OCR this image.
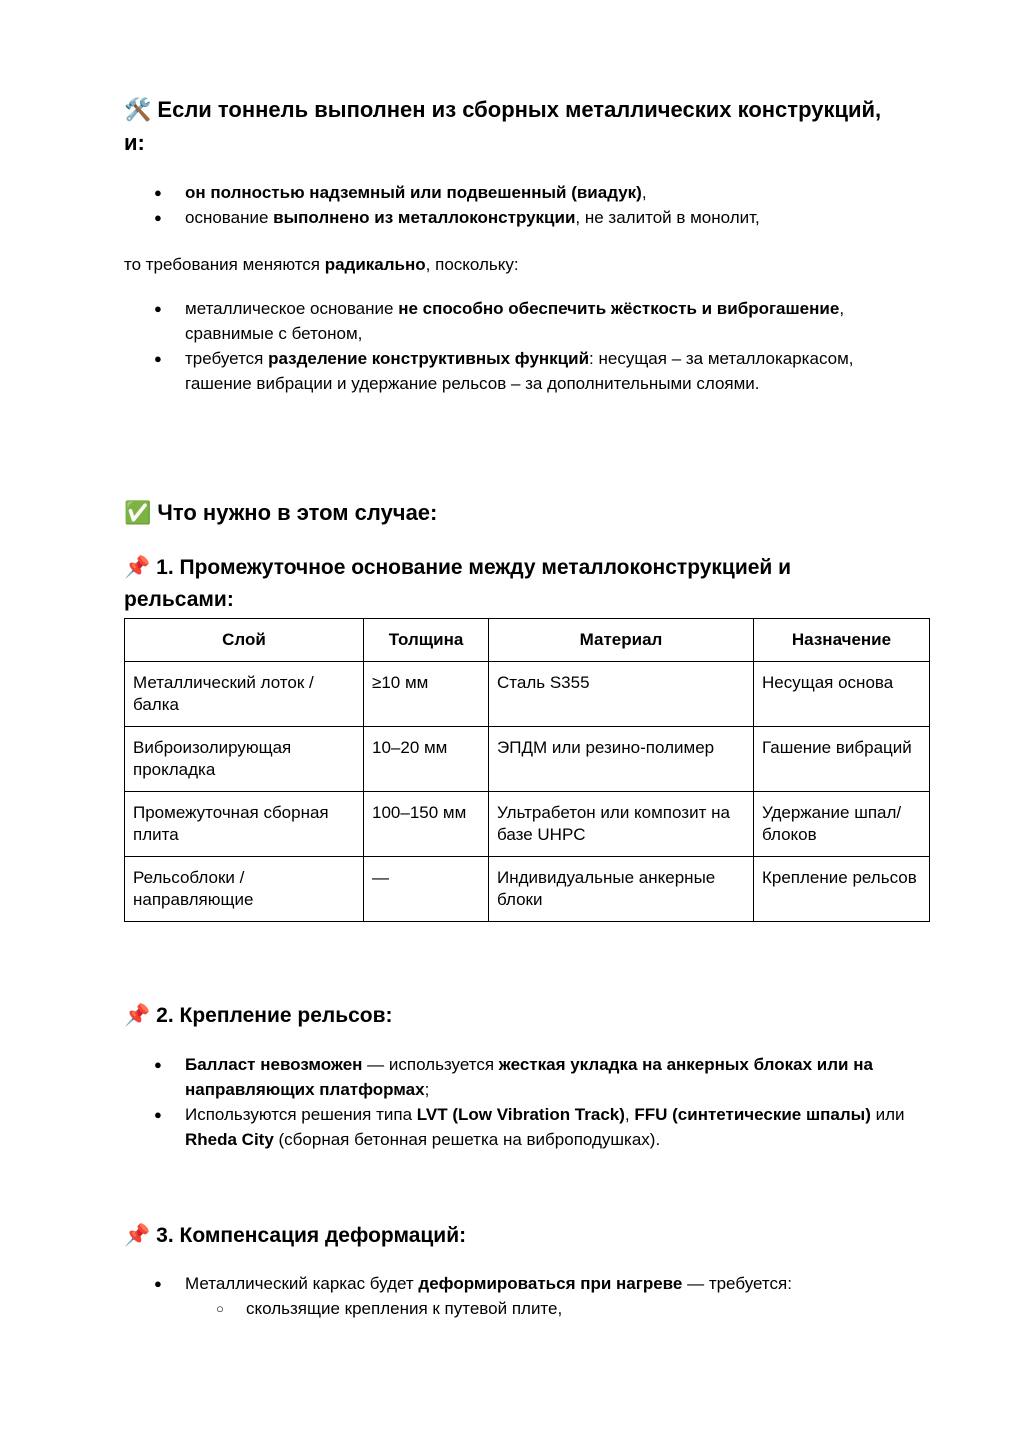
🛠️ Если тоннель выполнен из сборных металлических конструкций, и:
● он полностью надземный или подвешенный (виадук),
● основание выполнено из металлоконструкции, не залитой в монолит,

то требования меняются радикально, поскольку:

● металлическое основание не способно обеспечить жёсткость и виброгашение, сравнимые с бетоном,
● требуется разделение конструктивных функций: несущая – за металлокаркасом, гашение вибрации и удержание рельсов – за дополнительными слоями.
✅ Что нужно в этом случае:
📌 1. Промежуточное основание между металлоконструкцией и рельсами:
Слой	Толщина	Материал	Назначение
Металлический лоток / балка	≥10 мм	Сталь S355	Несущая основа
Виброизолирующая прокладка	10–20 мм	ЭПДМ или резино-полимер	Гашение вибраций
Промежуточная сборная плита	100–150 мм	Ультрабетон или композит на базе UHPC	Удержание шпал/блоков
Рельсоблоки / направляющие	—	Индивидуальные анкерные блоки	Крепление рельсов
📌 2. Крепление рельсов:
● Балласт невозможен — используется жесткая укладка на анкерных блоках или на направляющих платформах;
● Используются решения типа LVT (Low Vibration Track), FFU (синтетические шпалы) или Rheda City (сборная бетонная решетка на виброподушках).
📌 3. Компенсация деформаций:
● Металлический каркас будет деформироваться при нагреве — требуется:
○ скользящие крепления к путевой плите,
